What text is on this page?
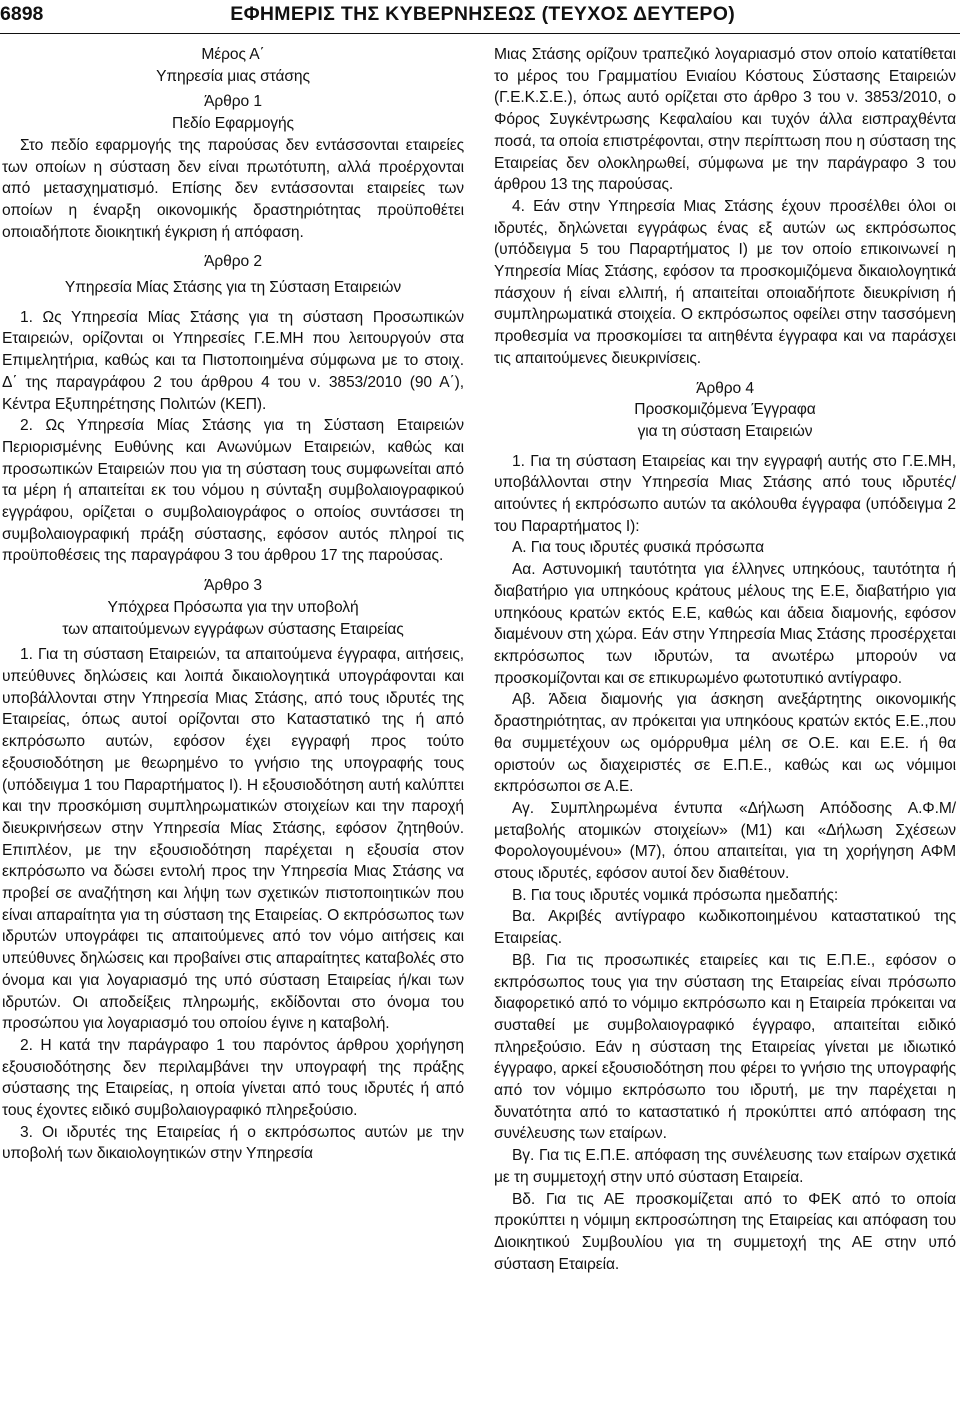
6898	ΕΦΗΜΕΡΙΣ ΤΗΣ ΚΥΒΕΡΝΗΣΕΩΣ (ΤΕΥΧΟΣ ΔΕΥΤΕΡΟ)
Μέρος Α΄
Υπηρεσία μιας στάσης
Άρθρο 1
Πεδίο Εφαρμογής

Στο πεδίο εφαρμογής της παρούσας δεν εντάσσονται εταιρείες των οποίων η σύσταση δεν είναι πρωτότυπη, αλλά προέρχονται από μετασχηματισμό. Επίσης δεν εντάσσονται εταιρείες των οποίων η έναρξη οικονομικής δραστηριότητας προϋποθέτει οποιαδήποτε διοικητική έγκριση ή απόφαση.

Άρθρο 2
Υπηρεσία Μίας Στάσης για τη Σύσταση Εταιρειών

1. Ως Υπηρεσία Μίας Στάσης για τη σύσταση Προσωπικών Εταιρειών, ορίζονται οι Υπηρεσίες Γ.Ε.ΜΗ που λειτουργούν στα Επιμελητήρια, καθώς και τα Πιστοποιημένα σύμφωνα με το στοιχ. Δ΄ της παραγράφου 2 του άρθρου 4 του ν. 3853/2010 (90 Α΄), Κέντρα Εξυπηρέτησης Πολιτών (ΚΕΠ).

2. Ως Υπηρεσία Μίας Στάσης για τη Σύσταση Εταιρειών Περιορισμένης Ευθύνης και Ανωνύμων Εταιρειών, καθώς και προσωπικών Εταιρειών που για τη σύσταση τους συμφωνείται από τα μέρη ή απαιτείται εκ του νόμου η σύνταξη συμβολαιογραφικού εγγράφου, ορίζεται ο συμβολαιογράφος ο οποίος συντάσσει τη συμβολαιογραφική πράξη σύστασης, εφόσον αυτός πληροί τις προϋποθέσεις της παραγράφου 3 του άρθρου 17 της παρούσας.

Άρθρο 3
Υπόχρεα Πρόσωπα για την υποβολή
των απαιτούμενων εγγράφων σύστασης Εταιρείας

1. Για τη σύσταση Εταιρειών, τα απαιτούμενα έγγραφα, αιτήσεις, υπεύθυνες δηλώσεις και λοιπά δικαιολογητικά υπογράφονται και υποβάλλονται στην Υπηρεσία Μιας Στάσης, από τους ιδρυτές της Εταιρείας, όπως αυτοί ορίζονται στο Καταστατικό της ή από εκπρόσωπο αυτών, εφόσον έχει εγγραφή προς τούτο εξουσιοδότηση με θεωρημένο το γνήσιο της υπογραφής τους (υπόδειγμα 1 του Παραρτήματος Ι). Η εξουσιοδότηση αυτή καλύπτει και την προσκόμιση συμπληρωματικών στοιχείων και την παροχή διευκρινήσεων στην Υπηρεσία Μίας Στάσης, εφόσον ζητηθούν. Επιπλέον, με την εξουσιοδότηση παρέχεται η εξουσία στον εκπρόσωπο να δώσει εντολή προς την Υπηρεσία Μιας Στάσης να προβεί σε αναζήτηση και λήψη των σχετικών πιστοποιητικών που είναι απαραίτητα για τη σύσταση της Εταιρείας. Ο εκπρόσωπος των ιδρυτών υπογράφει τις απαιτούμενες από τον νόμο αιτήσεις και υπεύθυνες δηλώσεις και προβαίνει στις απαραίτητες καταβολές στο όνομα και για λογαριασμό της υπό σύσταση Εταιρείας ή/και των ιδρυτών. Οι αποδείξεις πληρωμής, εκδίδονται στο όνομα του προσώπου για λογαριασμό του οποίου έγινε η καταβολή.

2. Η κατά την παράγραφο 1 του παρόντος άρθρου χορήγηση εξουσιοδότησης δεν περιλαμβάνει την υπογραφή της πράξης σύστασης της Εταιρείας, η οποία γίνεται από τους ιδρυτές ή από τους έχοντες ειδικό συμβολαιογραφικό πληρεξούσιο.

3. Οι ιδρυτές της Εταιρείας ή ο εκπρόσωπος αυτών με την υποβολή των δικαιολογητικών στην Υπηρεσία

Μιας Στάσης ορίζουν τραπεζικό λογαριασμό στον οποίο κατατίθεται το μέρος του Γραμματίου Ενιαίου Κόστους Σύστασης Εταιρειών (Γ.Ε.Κ.Σ.Ε.), όπως αυτό ορίζεται στο άρθρο 3 του ν. 3853/2010, ο Φόρος Συγκέντρωσης Κεφαλαίου και τυχόν άλλα εισπραχθέντα ποσά, τα οποία επιστρέφονται, στην περίπτωση που η σύσταση της Εταιρείας δεν ολοκληρωθεί, σύμφωνα με την παράγραφο 3 του άρθρου 13 της παρούσας.

4. Εάν στην Υπηρεσία Μιας Στάσης έχουν προσέλθει όλοι οι ιδρυτές, δηλώνεται εγγράφως ένας εξ αυτών ως εκπρόσωπος (υπόδειγμα 5 του Παραρτήματος Ι) με τον οποίο επικοινωνεί η Υπηρεσία Μίας Στάσης, εφόσον τα προσκομιζόμενα δικαιολογητικά πάσχουν ή είναι ελλιπή, ή απαιτείται οποιαδήποτε διευκρίνιση ή συμπληρωματικά στοιχεία. Ο εκπρόσωπος οφείλει στην τασσόμενη προθεσμία να προσκομίσει τα αιτηθέντα έγγραφα και να παράσχει τις απαιτούμενες διευκρινίσεις.

Άρθρο 4
Προσκομιζόμενα Έγγραφα
για τη σύσταση Εταιρειών

1. Για τη σύσταση Εταιρείας και την εγγραφή αυτής στο Γ.Ε.ΜΗ, υποβάλλονται στην Υπηρεσία Μιας Στάσης από τους ιδρυτές/ αιτούντες ή εκπρόσωπο αυτών τα ακόλουθα έγγραφα (υπόδειγμα 2 του Παραρτήματος Ι):

Α. Για τους ιδρυτές φυσικά πρόσωπα

Αα. Αστυνομική ταυτότητα για έλληνες υπηκόους, ταυτότητα ή διαβατήριο για υπηκόους κράτους μέλους της Ε.Ε, διαβατήριο για υπηκόους κρατών εκτός Ε.Ε, καθώς και άδεια διαμονής, εφόσον διαμένουν στη χώρα. Εάν στην Υπηρεσία Μιας Στάσης προσέρχεται εκπρόσωπος των ιδρυτών, τα ανωτέρω μπορούν να προσκομίζονται και σε επικυρωμένο φωτοτυπικό αντίγραφο.

Αβ. Άδεια διαμονής για άσκηση ανεξάρτητης οικονομικής δραστηριότητας, αν πρόκειται για υπηκόους κρατών εκτός Ε.Ε.,που θα συμμετέχουν ως ομόρρυθμα μέλη σε Ο.Ε. και Ε.Ε. ή θα οριστούν ως διαχειριστές σε Ε.Π.Ε., καθώς και ως νόμιμοι εκπρόσωποι σε Α.Ε.

Αγ. Συμπληρωμένα έντυπα «Δήλωση Απόδοσης Α.Φ.Μ/ μεταβολής ατομικών στοιχείων» (Μ1) και «Δήλωση Σχέσεων Φορολογουμένου» (Μ7), όπου απαιτείται, για τη χορήγηση ΑΦΜ στους ιδρυτές, εφόσον αυτοί δεν διαθέτουν.

Β. Για τους ιδρυτές νομικά πρόσωπα ημεδαπής:

Βα. Ακριβές αντίγραφο κωδικοποιημένου καταστατικού της Εταιρείας.

Ββ. Για τις προσωπικές εταιρείες και τις Ε.Π.Ε., εφόσον ο εκπρόσωπος τους για την σύσταση της Εταιρείας είναι πρόσωπο διαφορετικό από το νόμιμο εκπρόσωπο και η Εταιρεία πρόκειται να συσταθεί με συμβολαιογραφικό έγγραφο, απαιτείται ειδικό πληρεξούσιο. Εάν η σύσταση της Εταιρείας γίνεται με ιδιωτικό έγγραφο, αρκεί εξουσιοδότηση που φέρει το γνήσιο της υπογραφής από τον νόμιμο εκπρόσωπο του ιδρυτή, με την παρέχεται η δυνατότητα από το καταστατικό ή προκύπτει από απόφαση της συνέλευσης των εταίρων.

Βγ. Για τις Ε.Π.Ε. απόφαση της συνέλευσης των εταίρων σχετικά με τη συμμετοχή στην υπό σύσταση Εταιρεία.

Βδ. Για τις ΑΕ προσκομίζεται από το ΦΕΚ από το οποία προκύπτει η νόμιμη εκπροσώπηση της Εταιρείας και απόφαση του Διοικητικού Συμβουλίου για τη συμμετοχή της ΑΕ στην υπό σύσταση Εταιρεία.
